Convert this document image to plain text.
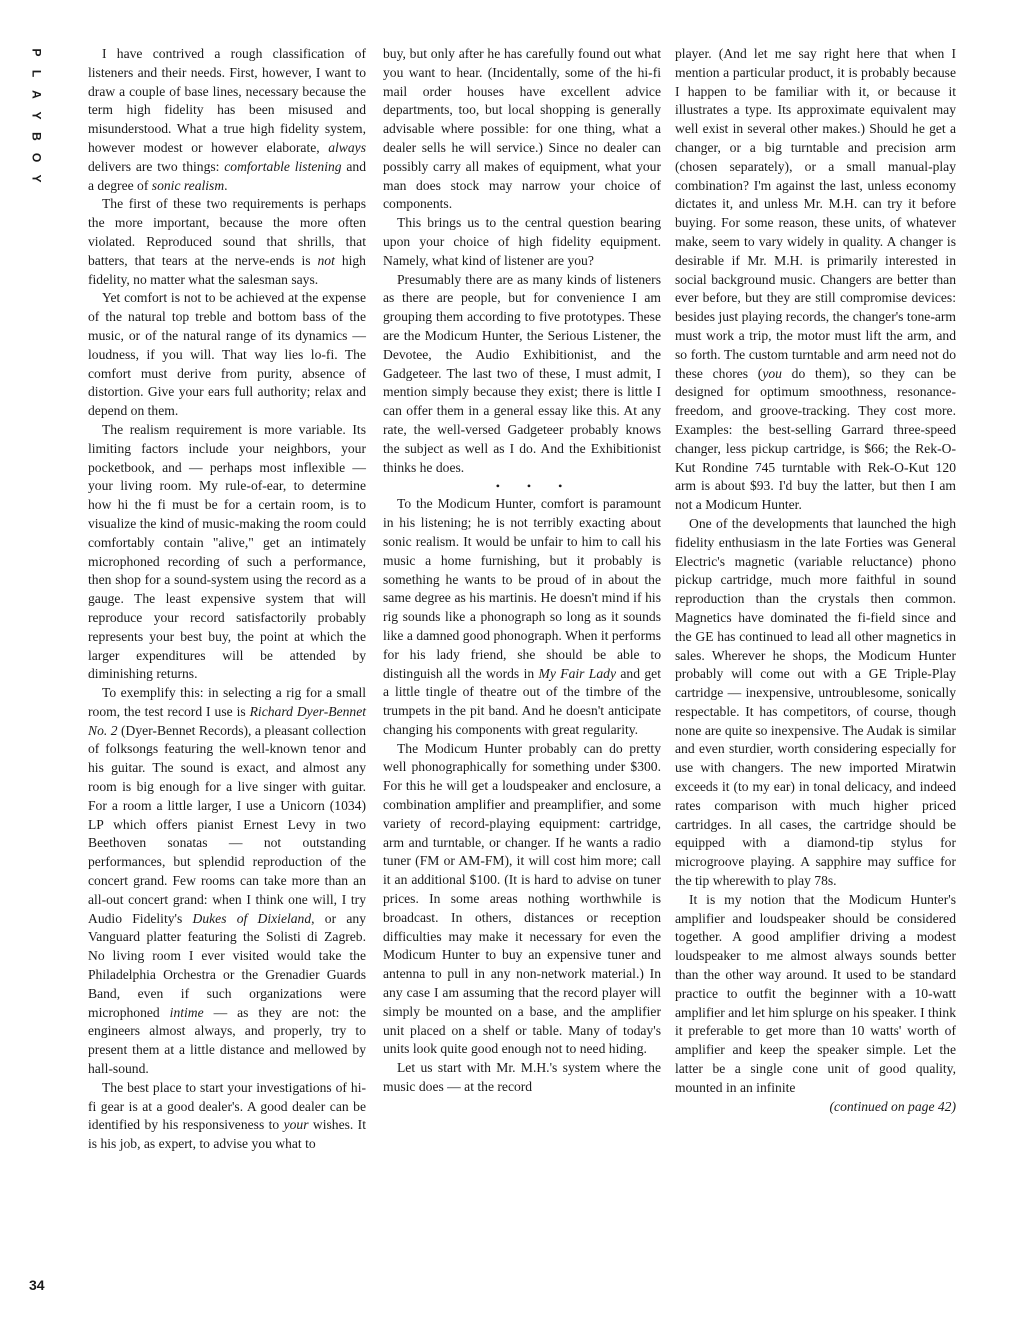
P
L
A
Y
B
O
Y
34

I have contrived a rough classification of listeners and their needs. First, however, I want to draw a couple of base lines, necessary because the term high fidelity has been misused and misunderstood. What a true high fidelity system, however modest or however elaborate, always delivers are two things: comfortable listening and a degree of sonic realism.

The first of these two requirements is perhaps the more important, because the more often violated. Reproduced sound that shrills, that batters, that tears at the nerve-ends is not high fidelity, no matter what the salesman says.

Yet comfort is not to be achieved at the expense of the natural top treble and bottom bass of the music, or of the natural range of its dynamics — loudness, if you will. That way lies lo-fi. The comfort must derive from purity, absence of distortion. Give your ears full authority; relax and depend on them.

The realism requirement is more variable. Its limiting factors include your neighbors, your pocketbook, and — perhaps most inflexible — your living room. My rule-of-ear, to determine how hi the fi must be for a certain room, is to visualize the kind of music-making the room could comfortably contain "alive," get an intimately microphoned recording of such a performance, then shop for a sound-system using the record as a gauge. The least expensive system that will reproduce your record satisfactorily probably represents your best buy, the point at which the larger expenditures will be attended by diminishing returns.

To exemplify this: in selecting a rig for a small room, the test record I use is Richard Dyer-Bennet No. 2 (Dyer-Bennet Records), a pleasant collection of folksongs featuring the well-known tenor and his guitar. The sound is exact, and almost any room is big enough for a live singer with guitar. For a room a little larger, I use a Unicorn (1034) LP which offers pianist Ernest Levy in two Beethoven sonatas — not outstanding performances, but splendid reproduction of the concert grand. Few rooms can take more than an all-out concert grand: when I think one will, I try Audio Fidelity's Dukes of Dixieland, or any Vanguard platter featuring the Solisti di Zagreb. No living room I ever visited would take the Philadelphia Orchestra or the Grenadier Guards Band, even if such organizations were microphoned intime — as they are not: the engineers almost always, and properly, try to present them at a little distance and mellowed by hall-sound.

The best place to start your investigations of hi-fi gear is at a good dealer's. A good dealer can be identified by his responsiveness to your wishes. It is his job, as expert, to advise you what to

buy, but only after he has carefully found out what you want to hear. (Incidentally, some of the hi-fi mail order houses have excellent advice departments, too, but local shopping is generally advisable where possible: for one thing, what a dealer sells he will service.) Since no dealer can possibly carry all makes of equipment, what your man does stock may narrow your choice of components.

This brings us to the central question bearing upon your choice of high fidelity equipment. Namely, what kind of listener are you?

Presumably there are as many kinds of listeners as there are people, but for convenience I am grouping them according to five prototypes. These are the Modicum Hunter, the Serious Listener, the Devotee, the Audio Exhibitionist, and the Gadgeteer. The last two of these, I must admit, I mention simply because they exist; there is little I can offer them in a general essay like this. At any rate, the well-versed Gadgeteer probably knows the subject as well as I do. And the Exhibitionist thinks he does.

• • •

To the Modicum Hunter, comfort is paramount in his listening; he is not terribly exacting about sonic realism. It would be unfair to him to call his music a home furnishing, but it probably is something he wants to be proud of in about the same degree as his martinis. He doesn't mind if his rig sounds like a phonograph so long as it sounds like a damned good phonograph. When it performs for his lady friend, she should be able to distinguish all the words in My Fair Lady and get a little tingle of theatre out of the timbre of the trumpets in the pit band. And he doesn't anticipate changing his components with great regularity.

The Modicum Hunter probably can do pretty well phonographically for something under $300. For this he will get a loudspeaker and enclosure, a combination amplifier and preamplifier, and some variety of record-playing equipment: cartridge, arm and turntable, or changer. If he wants a radio tuner (FM or AM-FM), it will cost him more; call it an additional $100. (It is hard to advise on tuner prices. In some areas nothing worthwhile is broadcast. In others, distances or reception difficulties may make it necessary for even the Modicum Hunter to buy an expensive tuner and antenna to pull in any non-network material.) In any case I am assuming that the record player will simply be mounted on a base, and the amplifier unit placed on a shelf or table. Many of today's units look quite good enough not to need hiding.

Let us start with Mr. M.H.'s system where the music does — at the record

player. (And let me say right here that when I mention a particular product, it is probably because I happen to be familiar with it, or because it illustrates a type. Its approximate equivalent may well exist in several other makes.) Should he get a changer, or a big turntable and precision arm (chosen separately), or a small manual-play combination? I'm against the last, unless economy dictates it, and unless Mr. M.H. can try it before buying. For some reason, these units, of whatever make, seem to vary widely in quality. A changer is desirable if Mr. M.H. is primarily interested in social background music. Changers are better than ever before, but they are still compromise devices: besides just playing records, the changer's tone-arm must work a trip, the motor must lift the arm, and so forth. The custom turntable and arm need not do these chores (you do them), so they can be designed for optimum smoothness, resonance-freedom, and groove-tracking. They cost more. Examples: the best-selling Garrard three-speed changer, less pickup cartridge, is $66; the Rek-O-Kut Rondine 745 turntable with Rek-O-Kut 120 arm is about $93. I'd buy the latter, but then I am not a Modicum Hunter.

One of the developments that launched the high fidelity enthusiasm in the late Forties was General Electric's magnetic (variable reluctance) phono pickup cartridge, much more faithful in sound reproduction than the crystals then common. Magnetics have dominated the fi-field since and the GE has continued to lead all other magnetics in sales. Wherever he shops, the Modicum Hunter probably will come out with a GE Triple-Play cartridge — inexpensive, untroublesome, sonically respectable. It has competitors, of course, though none are quite so inexpensive. The Audak is similar and even sturdier, worth considering especially for use with changers. The new imported Miratwin exceeds it (to my ear) in tonal delicacy, and indeed rates comparison with much higher priced cartridges. In all cases, the cartridge should be equipped with a diamond-tip stylus for microgroove playing. A sapphire may suffice for the tip wherewith to play 78s.

It is my notion that the Modicum Hunter's amplifier and loudspeaker should be considered together. A good amplifier driving a modest loudspeaker to me almost always sounds better than the other way around. It used to be standard practice to outfit the beginner with a 10-watt amplifier and let him splurge on his speaker. I think it preferable to get more than 10 watts' worth of amplifier and keep the speaker simple. Let the latter be a single cone unit of good quality, mounted in an infinite

(continued on page 42)
